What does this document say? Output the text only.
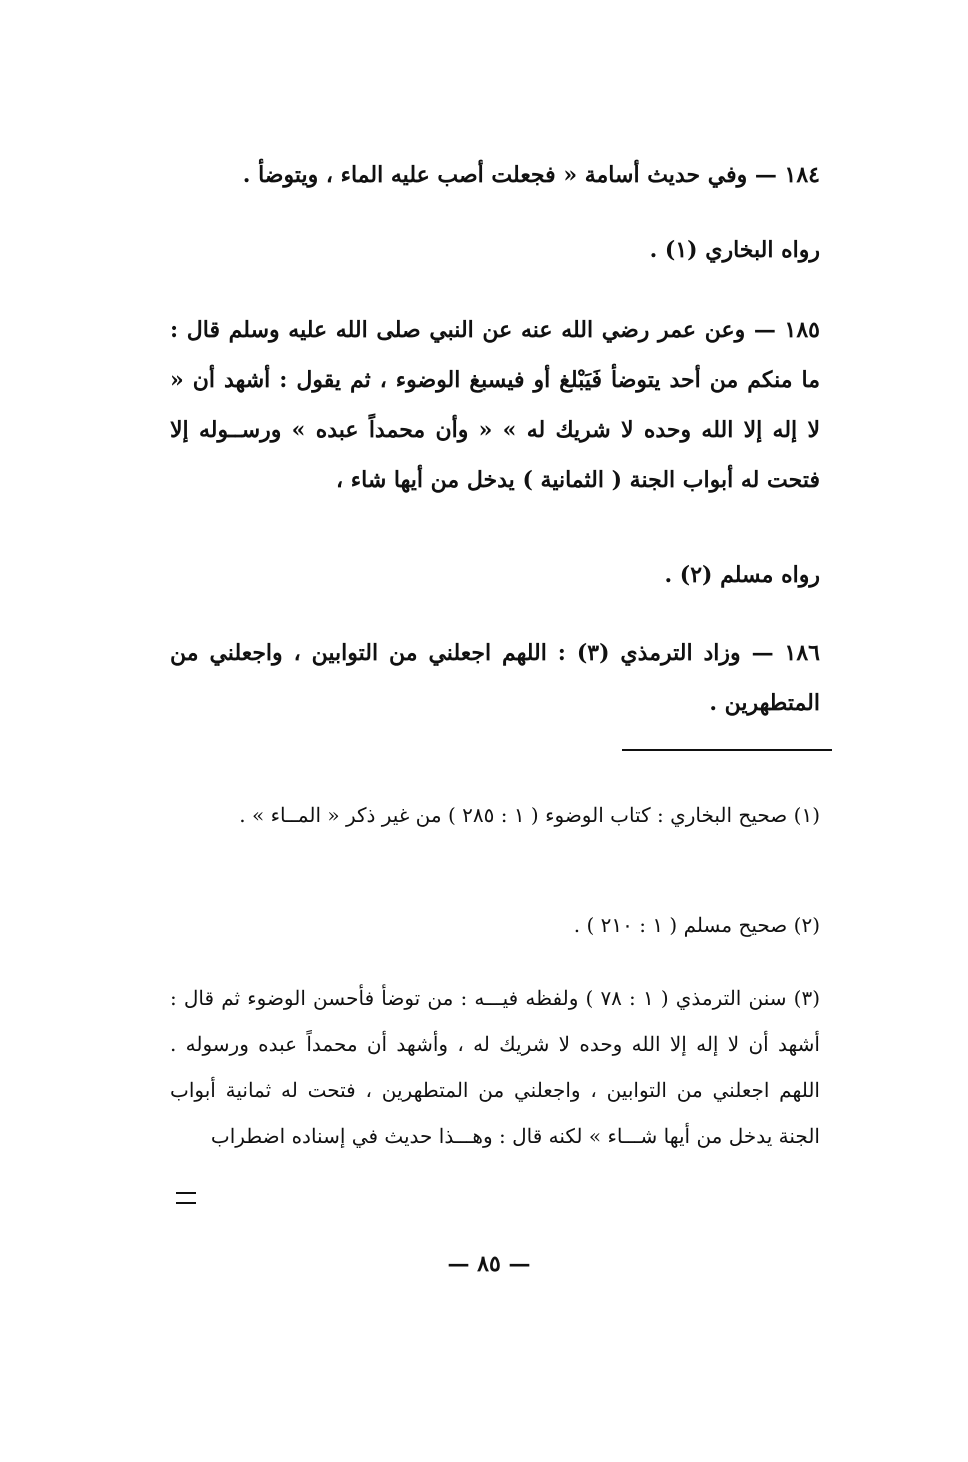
١٨٤ — وفي حديث أسامة « فجعلت أصب عليه الماء ، ويتوضأ .

رواه البخاري (١) .

١٨٥ — وعن عمر رضي الله عنه عن النبي صلى الله عليه وسلم قال : ما منكم من أحد يتوضأ فَيَبْلغ أو فيسبغ الوضوء ، ثم يقول : أشهد أن « لا إله إلا الله وحده لا شريك له » « وأن محمداً عبده » ورســوله إلا فتحت له أبواب الجنة ( الثمانية ) يدخل من أيها شاء ،

رواه مسلم (٢) .

١٨٦ — وزاد الترمذي (٣) : اللهم اجعلني من التوابين ، واجعلني من المتطهرين .

(١) صحيح البخاري : كتاب الوضوء ( ١ : ٢٨٥ ) من غير ذكر « المــاء » .

(٢) صحيح مسلم ( ١ : ٢١٠ ) .

(٣) سنن الترمذي ( ١ : ٧٨ ) ولفظه فيـــه : من توضأ فأحسن الوضوء ثم قال : أشهد أن لا إله إلا الله وحده لا شريك له ، وأشهد أن محمداً عبده ورسوله . اللهم اجعلني من التوابين ، واجعلني من المتطهرين ، فتحت له ثمانية أبواب الجنة يدخل من أيها شـــاء » لكنه قال : وهـــذا حديث في إسناده اضطراب

— ٨٥ —
